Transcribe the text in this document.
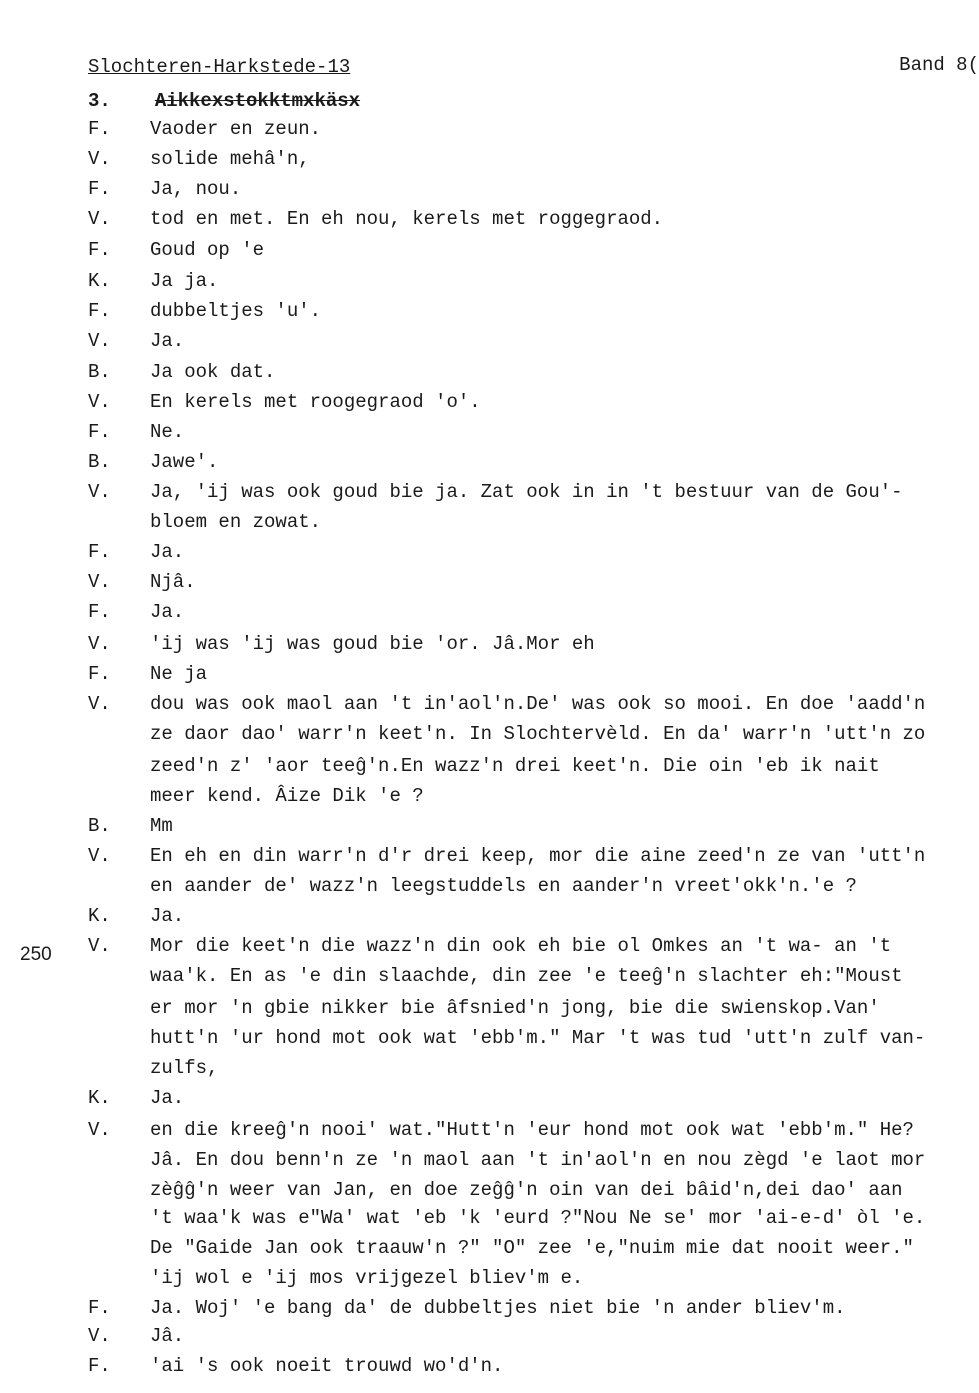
Slochteren-Harkstede-13	Band 8(
3. Aikkexstokktmxkäsx
250
F. Vaoder en zeun.
V. solide mehâ'n,
F. Ja, nou.
V. tod en met. En eh nou, kerels met roggegraod.
F. Goud op 'e
K. Ja ja.
F. dubbeltjes 'u'.
V. Ja.
B. Ja ook dat.
V. En kerels met roogegraod 'o'.
F. Ne.
B. Jawe'.
V. Ja, 'ij was ook goud bie ja. Zat ook in in 't bestuur van de Gou'-
bloem en zowat.
F. Ja.
V. Njâ.
F. Ja.
V. 'ij was 'ij was goud bie 'or. Jâ.Mor eh
F. Ne ja
V. dou was ook maol aan 't in'aol'n.De' was ook so mooi. En doe 'aadd'n
ze daor dao' warr'n keet'n. In Slochtervèld. En da' warr'n 'utt'n zo
zeed'n z' 'aor teeĝ'n.En wazz'n drei keet'n. Die oin 'eb ik nait
meer kend. Âize Dik 'e ?
B. Mm
V. En eh en din warr'n d'r drei keep, mor die aine zeed'n ze van 'utt'n
en aander de' wazz'n leegstuddels en aander'n vreet'okk'n.'e ?
K. Ja.
V. Mor die keet'n die wazz'n din ook eh bie ol Omkes an 't wa- an 't
waa'k. En as 'e din slaachde, din zee 'e teeĝ'n slachter eh:"Moust
er mor 'n gbie nikker bie âfsnied'n jong, bie die swienskop.Van'
hutt'n 'ur hond mot ook wat 'ebb'm." Mar 't was tud 'utt'n zulf van-
zulfs,
K. Ja.
V. en die kreeĝ'n nooi' wat."Hutt'n 'eur hond mot ook wat 'ebb'm." He?
Jâ. En dou benn'n ze 'n maol aan 't in'aol'n en nou zègd 'e laot mor
zèĝĝ'n weer van Jan, en doe zeĝĝ'n oin van dei bâid'n,dei dao' aan
't waa'k was e"Wa' wat 'eb 'k 'eurd ?"Nou Ne se' mor 'ai-e-d' òl 'e.
De "Gaide Jan ook traauw'n ?" "O" zee 'e,"nuim mie dat nooit weer."
'ij wol e 'ij mos vrijgezel bliev'm e.
F. Ja. Woj' 'e bang da' de dubbeltjes niet bie 'n ander bliev'm.
V. Jâ.
F. 'ai 's ook noeit trouwd wo'd'n.
